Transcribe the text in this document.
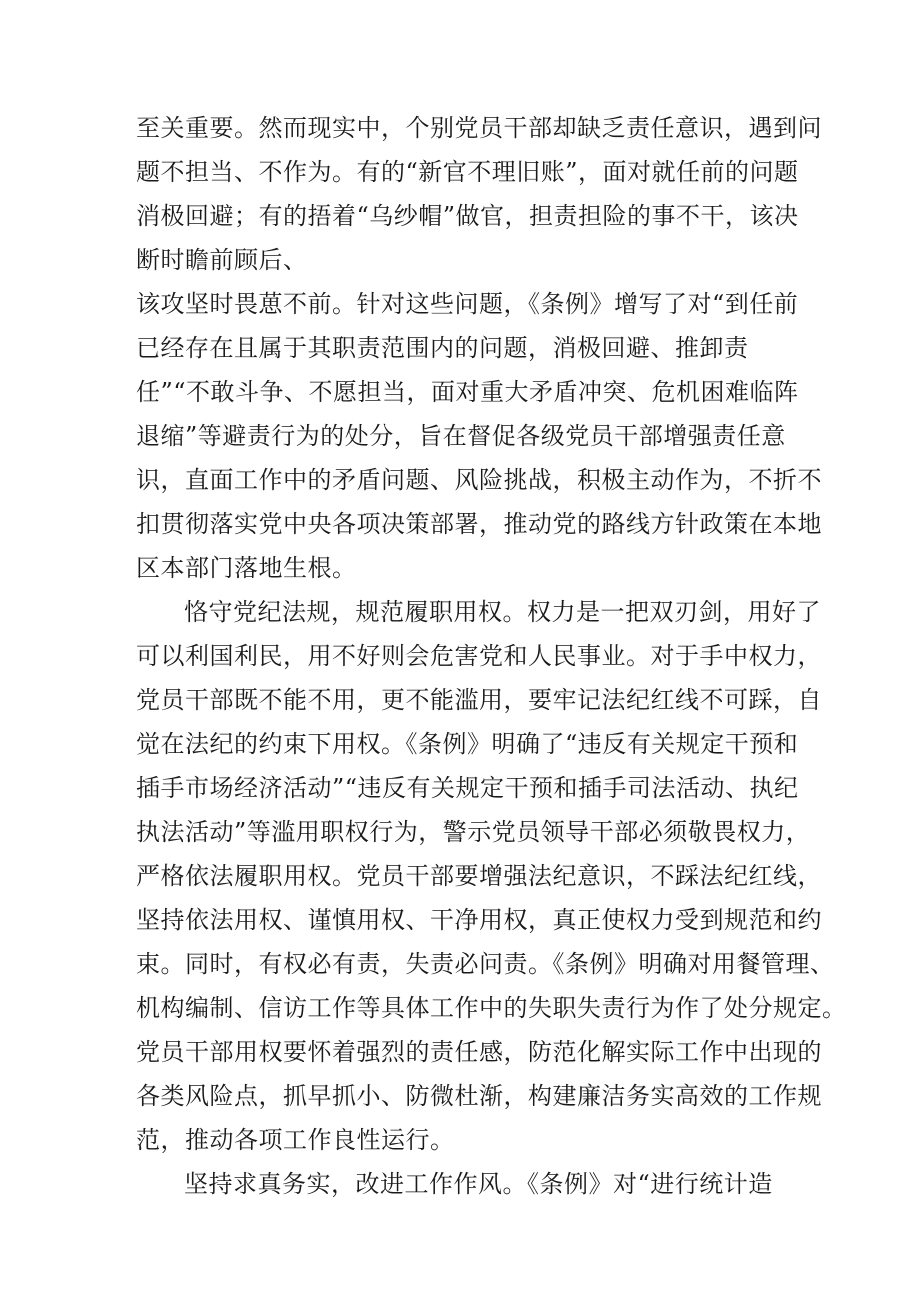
至关重要。然而现实中，个别党员干部却缺乏责任意识，遇到问
题不担当、不作为。有的“新官不理旧账”，面对就任前的问题
消极回避；有的捂着“乌纱帽”做官，担责担险的事不干，该决
断时瞻前顾后、
该攻坚时畏葸不前。针对这些问题，《条例》增写了对“到任前
已经存在且属于其职责范围内的问题，消极回避、推卸责
任”“不敢斗争、不愿担当，面对重大矛盾冲突、危机困难临阵
退缩”等避责行为的处分，旨在督促各级党员干部增强责任意
识，直面工作中的矛盾问题、风险挑战，积极主动作为，不折不
扣贯彻落实党中央各项决策部署，推动党的路线方针政策在本地
区本部门落地生根。
恪守党纪法规，规范履职用权。权力是一把双刃剑，用好了
可以利国利民，用不好则会危害党和人民事业。对于手中权力，
党员干部既不能不用，更不能滥用，要牢记法纪红线不可踩，自
觉在法纪的约束下用权。《条例》明确了“违反有关规定干预和
插手市场经济活动”“违反有关规定干预和插手司法活动、执纪
执法活动”等滥用职权行为，警示党员领导干部必须敬畏权力，
严格依法履职用权。党员干部要增强法纪意识，不踩法纪红线，
坚持依法用权、谨慎用权、干净用权，真正使权力受到规范和约
束。同时，有权必有责，失责必问责。《条例》明确对用餐管理、
机构编制、信访工作等具体工作中的失职失责行为作了处分规定。
党员干部用权要怀着强烈的责任感，防范化解实际工作中出现的
各类风险点，抓早抓小、防微杜渐，构建廉洁务实高效的工作规
范，推动各项工作良性运行。
坚持求真务实，改进工作作风。《条例》对“进行统计造
